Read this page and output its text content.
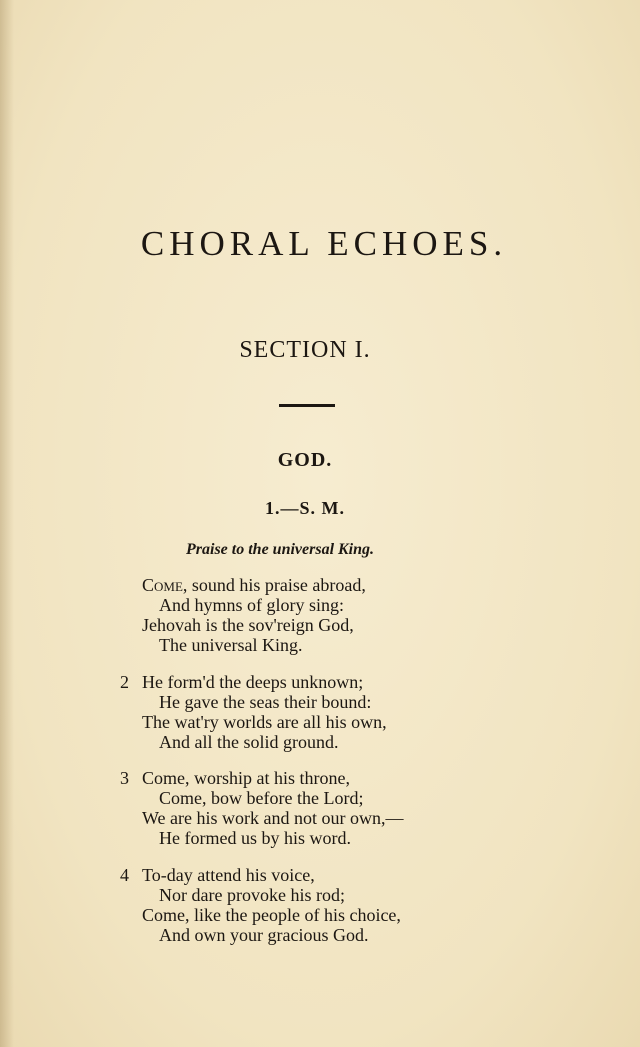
CHORAL ECHOES.
SECTION I.
GOD.
1.—S. M.
Praise to the universal King.
Come, sound his praise abroad,
And hymns of glory sing:
Jehovah is the sov'reign God,
The universal King.
2 He form'd the deeps unknown;
He gave the seas their bound:
The wat'ry worlds are all his own,
And all the solid ground.
3 Come, worship at his throne,
Come, bow before the Lord;
We are his work and not our own,—
He formed us by his word.
4 To-day attend his voice,
Nor dare provoke his rod;
Come, like the people of his choice,
And own your gracious God.
